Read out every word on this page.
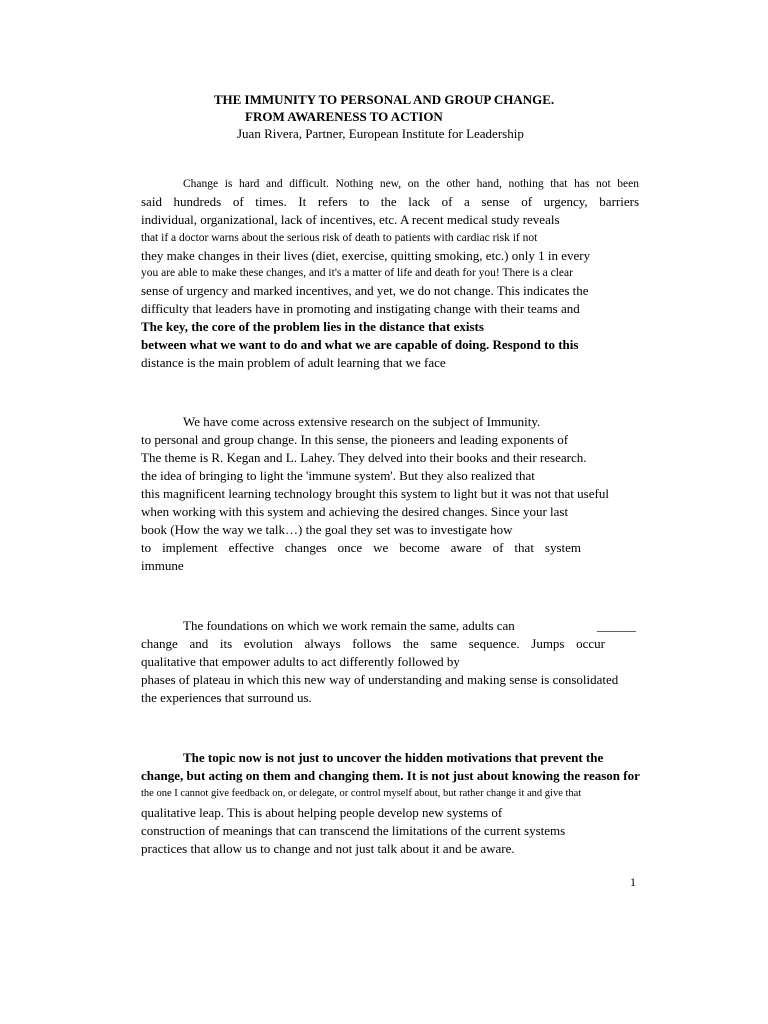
THE IMMUNITY TO PERSONAL AND GROUP CHANGE.
FROM AWARENESS TO ACTION
Juan Rivera, Partner, European Institute for Leadership
Change is hard and difficult. Nothing new, on the other hand, nothing that has not been
said hundreds of times. It refers to the lack of a sense of urgency, barriers
individual, organizational, lack of incentives, etc. A recent medical study reveals
that if a doctor warns about the serious risk of death to patients with cardiac risk if not
they make changes in their lives (diet, exercise, quitting smoking, etc.) only 1 in every
you are able to make these changes, and it's a matter of life and death for you! There is a clear
sense of urgency and marked incentives, and yet, we do not change. This indicates the
difficulty that leaders have in promoting and instigating change with their teams and
The key, the core of the problem lies in the distance that exists
between what we want to do and what we are capable of doing. Respond to this
distance is the main problem of adult learning that we face
We have come across extensive research on the subject of Immunity.
to personal and group change. In this sense, the pioneers and leading exponents of
The theme is R. Kegan and L. Lahey. They delved into their books and their research.
the idea of bringing to light the 'immune system'. But they also realized that
this magnificent learning technology brought this system to light but it was not that useful
when working with this system and achieving the desired changes. Since your last
book (How the way we talk…) the goal they set was to investigate how
to implement effective changes once we become aware of that system
immune
The foundations on which we work remain the same, adults can	______
change and its evolution always follows the same sequence. Jumps occur
qualitative that empower adults to act differently followed by
phases of plateau in which this new way of understanding and making sense is consolidated
the experiences that surround us.
The topic now is not just to uncover the hidden motivations that prevent the
change, but acting on them and changing them. It is not just about knowing the reason for
the one I cannot give feedback on, or delegate, or control myself about, but rather change it and give that
qualitative leap. This is about helping people develop new systems of
construction of meanings that can transcend the limitations of the current systems
practices that allow us to change and not just talk about it and be aware.
1
